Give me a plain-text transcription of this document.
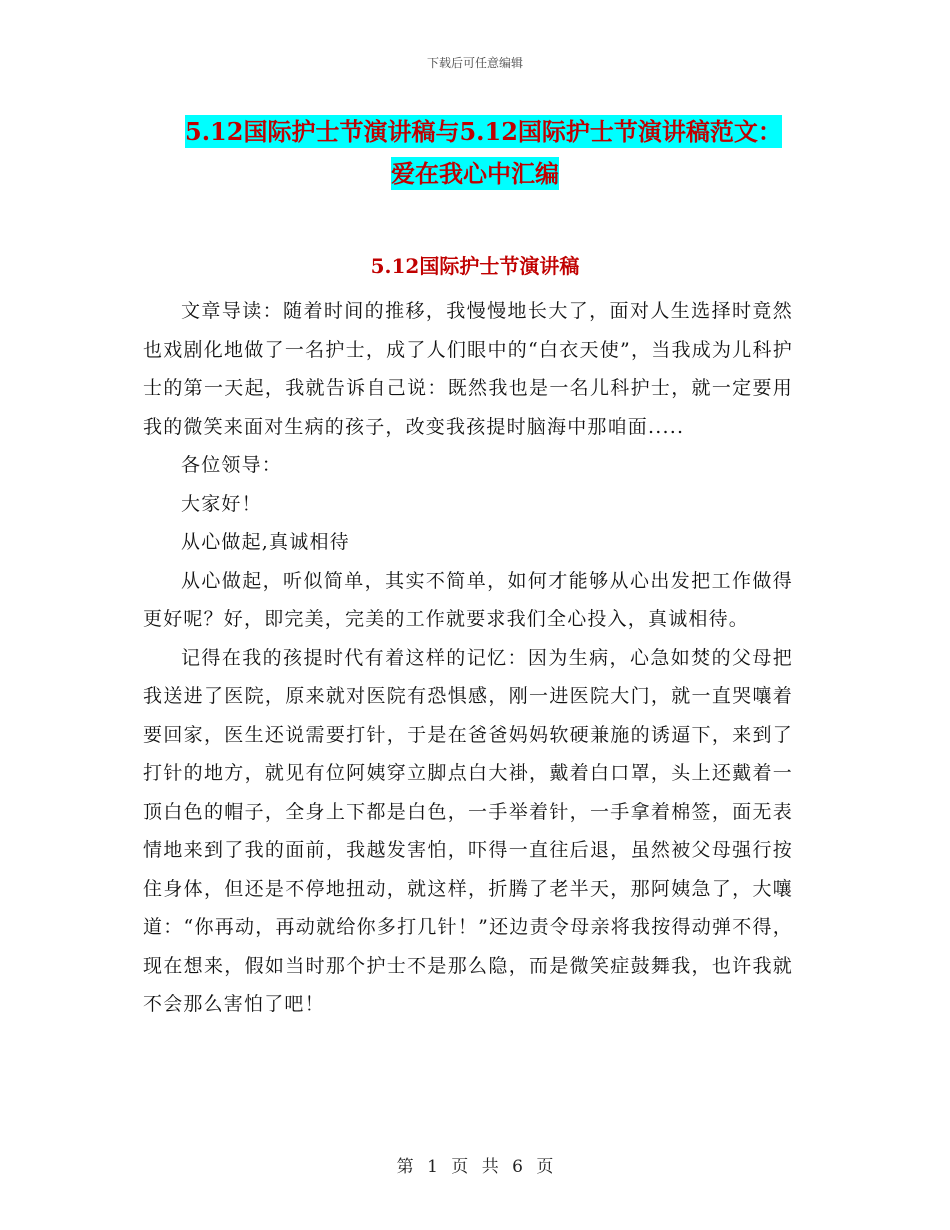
下载后可任意编辑
5.12国际护士节演讲稿与5.12国际护士节演讲稿范文：
爱在我心中汇编
5.12国际护士节演讲稿

文章导读：随着时间的推移，我慢慢地长大了，面对人生选择时竟然也戏剧化地做了一名护士，成了人们眼中的“白衣天使”，当我成为儿科护士的第一天起，我就告诉自己说：既然我也是一名儿科护士，就一定要用我的微笑来面对生病的孩子，改变我孩提时脑海中那咱面.....

各位领导：

大家好！

从心做起,真诚相待

从心做起，听似简单，其实不简单，如何才能够从心出发把工作做得更好呢？好，即完美，完美的工作就要求我们全心投入，真诚相待。

记得在我的孩提时代有着这样的记忆：因为生病，心急如焚的父母把我送进了医院，原来就对医院有恐惧感，刚一进医院大门，就一直哭嚷着要回家，医生还说需要打针，于是在爸爸妈妈软硬兼施的诱逼下，来到了打针的地方，就见有位阿姨穿立脚点白大褂，戴着白口罩，头上还戴着一顶白色的帽子，全身上下都是白色，一手举着针，一手拿着棉签，面无表情地来到了我的面前，我越发害怕，吓得一直往后退，虽然被父母强行按住身体，但还是不停地扭动，就这样，折腾了老半天，那阿姨急了，大嚷道：“你再动，再动就给你多打几针！”还边责令母亲将我按得动弹不得，现在想来，假如当时那个护士不是那么隐，而是微笑症鼓舞我，也许我就不会那么害怕了吧！

第 1 页 共 6 页
